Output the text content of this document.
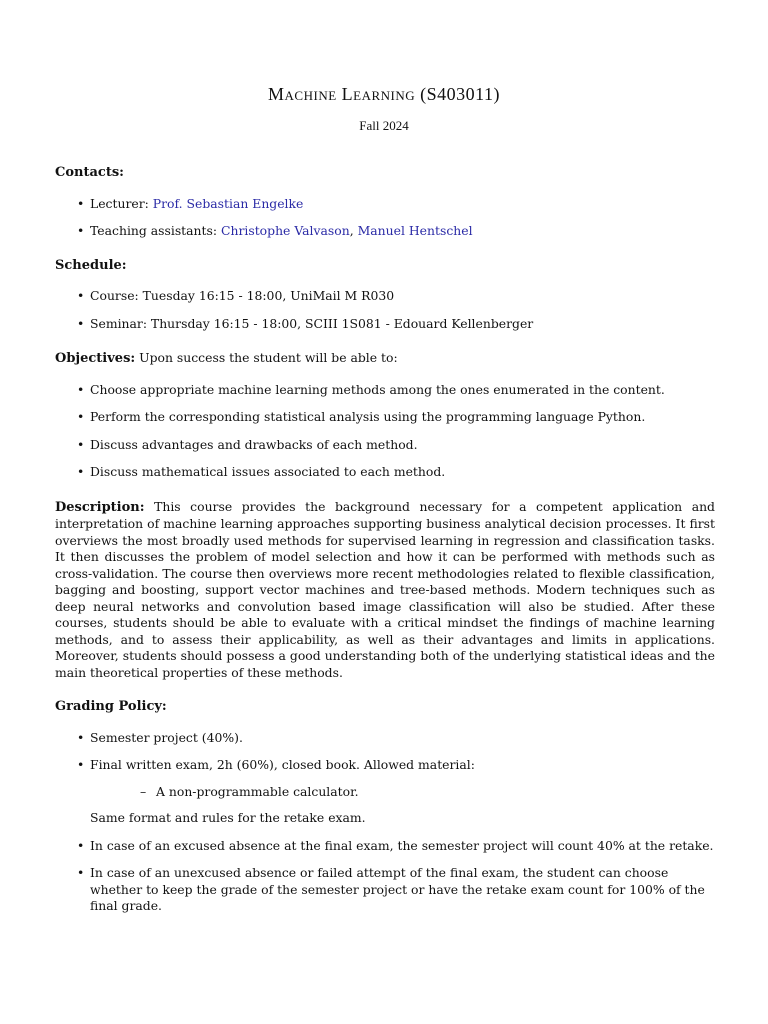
Machine Learning (S403011)
Fall 2024
Contacts:
• Lecturer: Prof. Sebastian Engelke
• Teaching assistants: Christophe Valvason, Manuel Hentschel
Schedule:
• Course: Tuesday 16:15 - 18:00, UniMail M R030
• Seminar: Thursday 16:15 - 18:00, SCIII 1S081 - Edouard Kellenberger
Objectives: Upon success the student will be able to:
• Choose appropriate machine learning methods among the ones enumerated in the content.
• Perform the corresponding statistical analysis using the programming language Python.
• Discuss advantages and drawbacks of each method.
• Discuss mathematical issues associated to each method.

Description: This course provides the background necessary for a competent application and interpretation of machine learning approaches supporting business analytical decision processes. It first overviews the most broadly used methods for supervised learning in regression and classification tasks. It then discusses the problem of model selection and how it can be performed with methods such as cross-validation. The course then overviews more recent methodologies related to flexible classification, bagging and boosting, support vector machines and tree-based methods. Modern techniques such as deep neural networks and convolution based image classification will also be studied. After these courses, students should be able to evaluate with a critical mindset the findings of machine learning methods, and to assess their applicability, as well as their advantages and limits in applications. Moreover, students should possess a good understanding both of the underlying statistical ideas and the main theoretical properties of these methods.

Grading Policy:
• Semester project (40%).
• Final written exam, 2h (60%), closed book. Allowed material:
– A non-programmable calculator.
Same format and rules for the retake exam.
• In case of an excused absence at the final exam, the semester project will count 40% at the retake.
• In case of an unexcused absence or failed attempt of the final exam, the student can choose whether to keep the grade of the semester project or have the retake exam count for 100% of the final grade.
